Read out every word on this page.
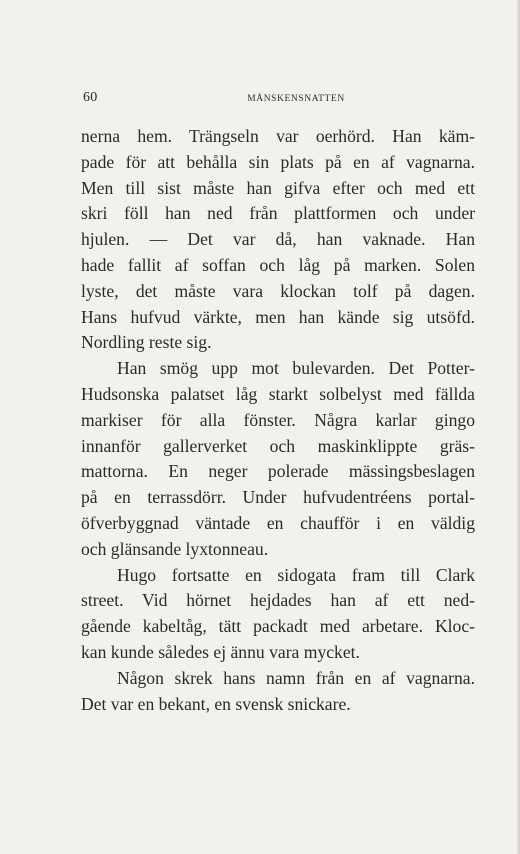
60	MÅNSKENSNATTEN
nerna hem. Trängseln var oerhörd. Han käm-
pade för att behålla sin plats på en af vagnarna.
Men till sist måste han gifva efter och med ett
skri föll han ned från plattformen och under
hjulen. — Det var då, han vaknade. Han
hade fallit af soffan och låg på marken. Solen
lyste, det måste vara klockan tolf på dagen.
Hans hufvud värkte, men han kände sig utsöfd.
Nordling reste sig.
Han smög upp mot bulevarden. Det Potter-
Hudsonska palatset låg starkt solbelyst med fällda
markiser för alla fönster. Några karlar gingo
innanför gallerverket och maskinklippte gräs-
mattorna. En neger polerade mässingsbeslagen
på en terrassdörr. Under hufvudentréens portal-
öfverbyggnad väntade en chaufför i en väldig
och glänsande lyxtonneau.
Hugo fortsatte en sidogata fram till Clark
street. Vid hörnet hejdades han af ett ned-
gående kabeltåg, tätt packadt med arbetare. Kloc-
kan kunde således ej ännu vara mycket.
Någon skrek hans namn från en af vagnarna.
Det var en bekant, en svensk snickare.
